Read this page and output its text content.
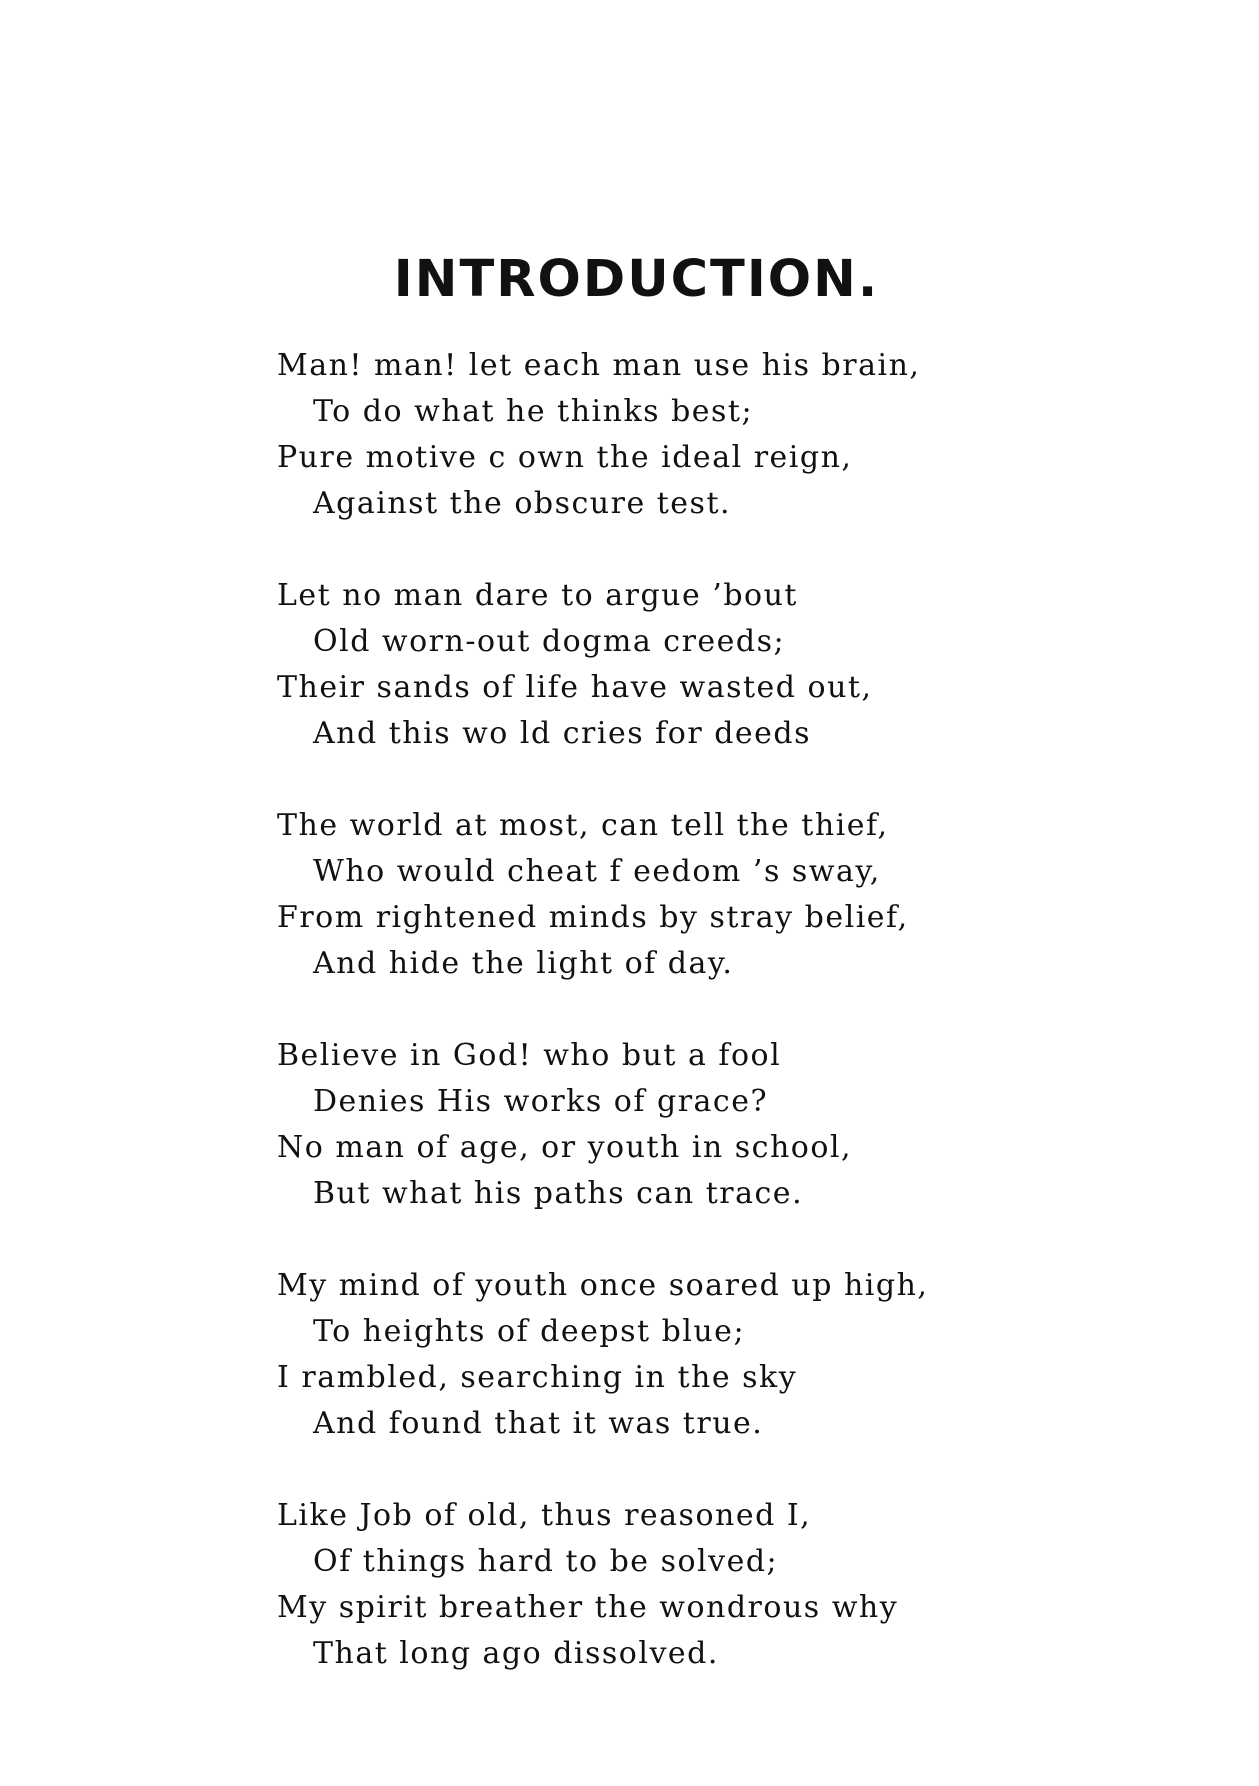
INTRODUCTION.
Man! man! let each man use his brain,
To do what he thinks best;
Pure motive c own the ideal reign,
Against the obscure test.
Let no man dare to argue ’bout
Old worn-out dogma creeds;
Their sands of life have wasted out,
And this wo ld cries for deeds
The world at most, can tell the thief,
Who would cheat f eedom ’s sway,
From rightened minds by stray belief,
And hide the light of day.
Believe in God! who but a fool
Denies His works of grace?
No man of age, or youth in school,
But what his paths can trace.
My mind of youth once soared up high,
To heights of deepst blue;
I rambled, searching in the sky
And found that it was true.
Like Job of old, thus reasoned I,
Of things hard to be solved;
My spirit breather the wondrous why
That long ago dissolved.
